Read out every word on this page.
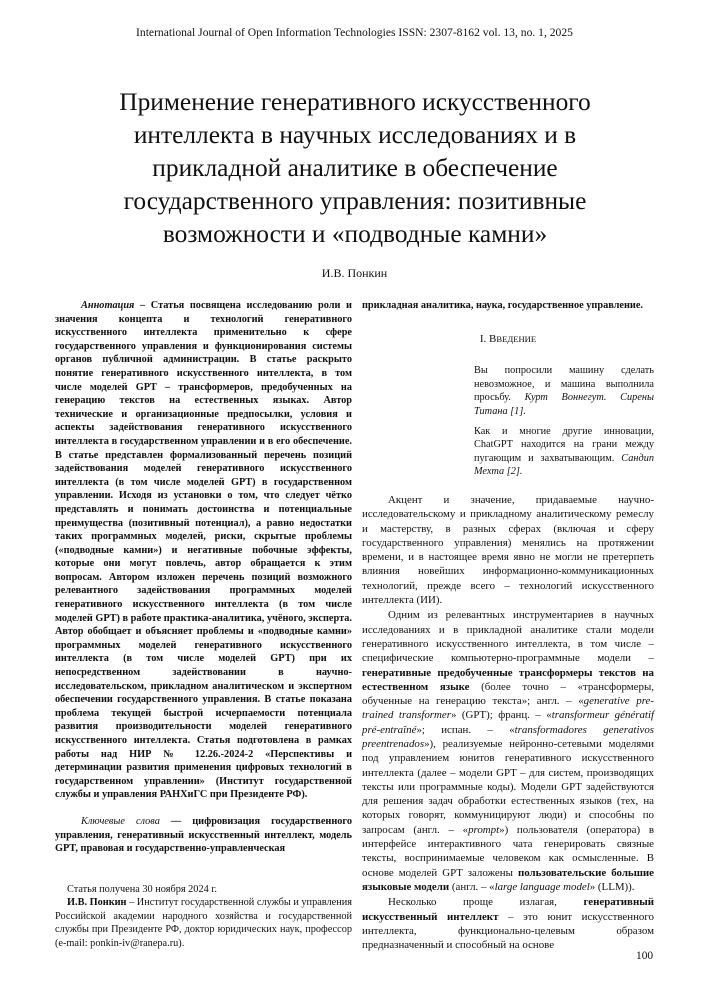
International Journal of Open Information Technologies ISSN: 2307-8162 vol. 13, no. 1, 2025
Применение генеративного искусственного
интеллекта в научных исследованиях и в
прикладной аналитике в обеспечение
государственного управления: позитивные
возможности и «подводные камни»
И.В. Понкин

Аннотация – Статья посвящена исследованию роли и значения концепта и технологий генеративного искусственного интеллекта применительно к сфере государственного управления и функционирования системы органов публичной администрации. В статье раскрыто понятие генеративного искусственного интеллекта, в том числе моделей GPT – трансформеров, предобученных на генерацию текстов на естественных языках. Автор технические и организационные предпосылки, условия и аспекты задействования генеративного искусственного интеллекта в государственном управлении и в его обеспечение. В статье представлен формализованный перечень позиций задействования моделей генеративного искусственного интеллекта (в том числе моделей GPT) в государственном управлении. Исходя из установки о том, что следует чётко представлять и понимать достоинства и потенциальные преимущества (позитивный потенциал), а равно недостатки таких программных моделей, риски, скрытые проблемы («подводные камни») и негативные побочные эффекты, которые они могут повлечь, автор обращается к этим вопросам. Автором изложен перечень позиций возможного релевантного задействования программных моделей генеративного искусственного интеллекта (в том числе моделей GPT) в работе практика-аналитика, учёного, эксперта. Автор обобщает и объясняет проблемы и «подводные камни» программных моделей генеративного искусственного интеллекта (в том числе моделей GPT) при их непосредственном задействовании в научно-исследовательском, прикладном аналитическом и экспертном обеспечении государственного управления. В статье показана проблема текущей быстрой исчерпаемости потенциала развития производительности моделей генеративного искусственного интеллекта. Статья подготовлена в рамках работы над НИР № 12.26.-2024-2 «Перспективы и детерминации развития применения цифровых технологий в государственном управлении» (Институт государственной службы и управления РАНХиГС при Президенте РФ).

Ключевые слова — цифровизация государственного управления, генеративный искусственный интеллект, модель GPT, правовая и государственно-управленческая

Статья получена 30 ноября 2024 г.

И.В. Понкин – Институт государственной службы и управления Российской академии народного хозяйства и государственной службы при Президенте РФ, доктор юридических наук, профессор (e-mail: ponkin-iv@ranepa.ru).

прикладная аналитика, наука, государственное управление.

I. ВВЕДЕНИЕ

Вы попросили машину сделать невозможное, и машина выполнила просьбу. Курт Воннегут. Сирены Титана [1].

Как и многие другие инновации, ChatGPT находится на грани между пугающим и захватывающим. Сандип Мехта [2].

Акцент и значение, придаваемые научно-исследовательскому и прикладному аналитическому ремеслу и мастерству, в разных сферах (включая и сферу государственного управления) менялись на протяжении времени, и в настоящее время явно не могли не претерпеть влияния новейших информационно-коммуникационных технологий, прежде всего – технологий искусственного интеллекта (ИИ).

Одним из релевантных инструментариев в научных исследованиях и в прикладной аналитике стали модели генеративного искусственного интеллекта, в том числе – специфические компьютерно-программные модели – генеративные предобученные трансформеры текстов на естественном языке (более точно – «трансформеры, обученные на генерацию текста»; англ. – «generative pre-trained transformer» (GPT); франц. – «transformeur génératif pré-entraîné»; испан. – «transformadores generativos preentrenados»), реализуемые нейронно-сетевыми моделями под управлением юнитов генеративного искусственного интеллекта (далее – модели GPT – для систем, производящих тексты или программные коды). Модели GPT задействуются для решения задач обработки естественных языков (тех, на которых говорят, коммуницируют люди) и способны по запросам (англ. – «prompt») пользователя (оператора) в интерфейсе интерактивного чата генерировать связные тексты, воспринимаемые человеком как осмысленные. В основе моделей GPT заложены пользовательские большие языковые модели (англ. – «large language model» (LLM)).

Несколько проще излагая, генеративный искусственный интеллект – это юнит искусственного интеллекта, функционально-целевым образом предназначенный и способный на основе

100
